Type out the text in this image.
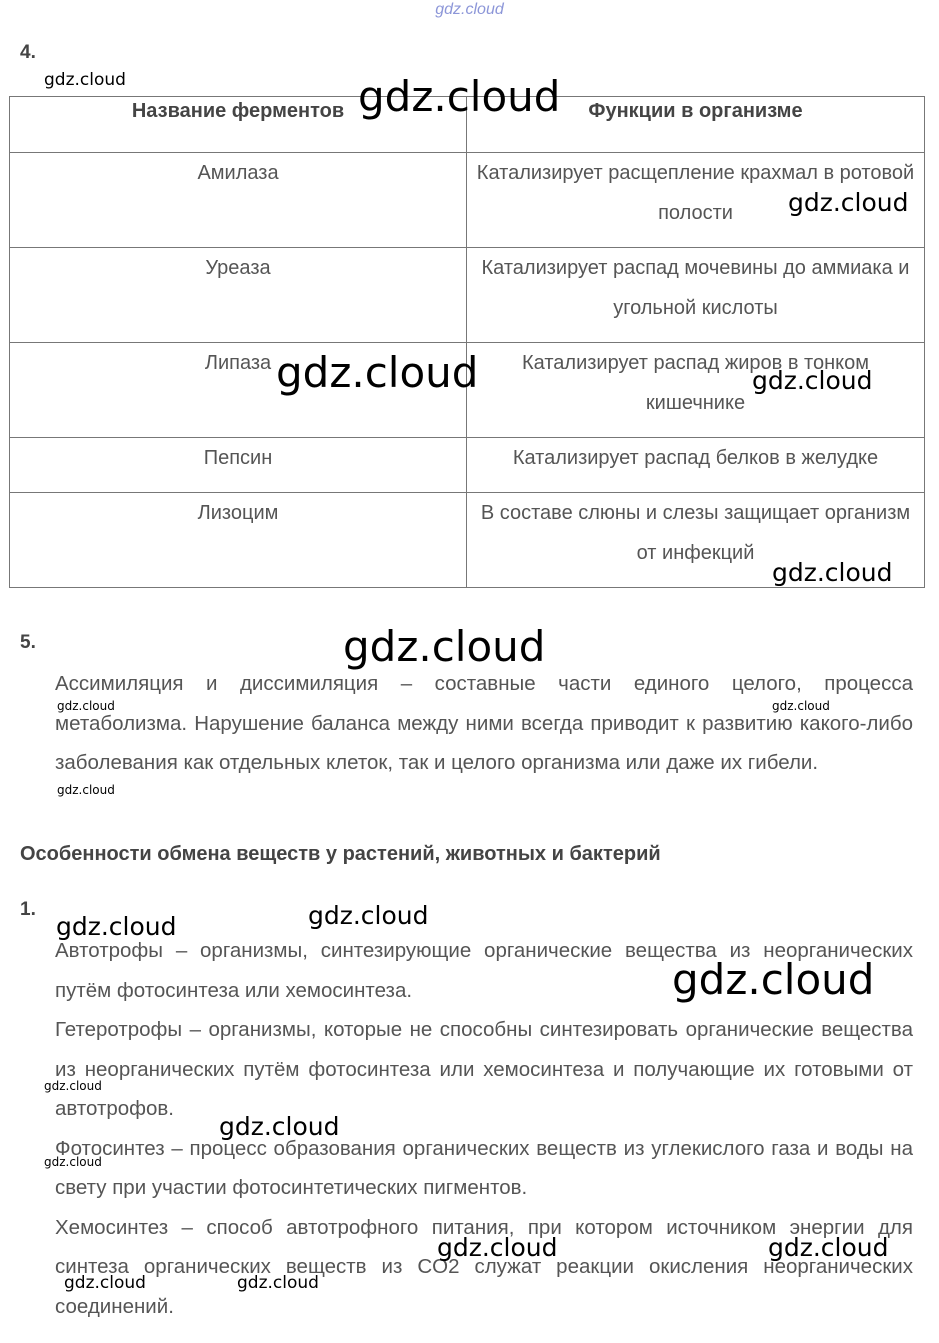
gdz.cloud
4.
Название ферментов	Функции в организме
Амилаза	Катализирует расщепление крахмал в ротовой полости
Уреаза	Катализирует распад мочевины до аммиака и угольной кислоты
Липаза	Катализирует распад жиров в тонком кишечнике
Пепсин	Катализирует распад белков в желудке
Лизоцим	В составе слюны и слезы защищает организм от инфекций
5.
Ассимиляция и диссимиляция – составные части единого целого, процесса метаболизма. Нарушение баланса между ними всегда приводит к развитию какого-либо заболевания как отдельных клеток, так и целого организма или даже их гибели.
Особенности обмена веществ у растений, животных и бактерий
1.
Автотрофы – организмы, синтезирующие органические вещества из неорганических путём фотосинтеза или хемосинтеза.
Гетеротрофы – организмы, которые не способны синтезировать органические вещества из неорганических путём фотосинтеза или хемосинтеза и получающие их готовыми от автотрофов.
Фотосинтез – процесс образования органических веществ из углекислого газа и воды на свету при участии фотосинтетических пигментов.
Хемосинтез – способ автотрофного питания, при котором источником энергии для синтеза органических веществ из CO2 служат реакции окисления неорганических соединений.
gdz.cloud	gdz.cloud
gdz.cloud
gdz.cloud	gdz.cloud
gdz.cloud
gdz.cloud
gdz.cloud	gdz.cloud
gdz.cloud
gdz.cloud	gdz.cloud
gdz.cloud
gdz.cloud
gdz.cloud
gdz.cloud
gdz.cloud	gdz.cloud
gdz.cloud	gdz.cloud
